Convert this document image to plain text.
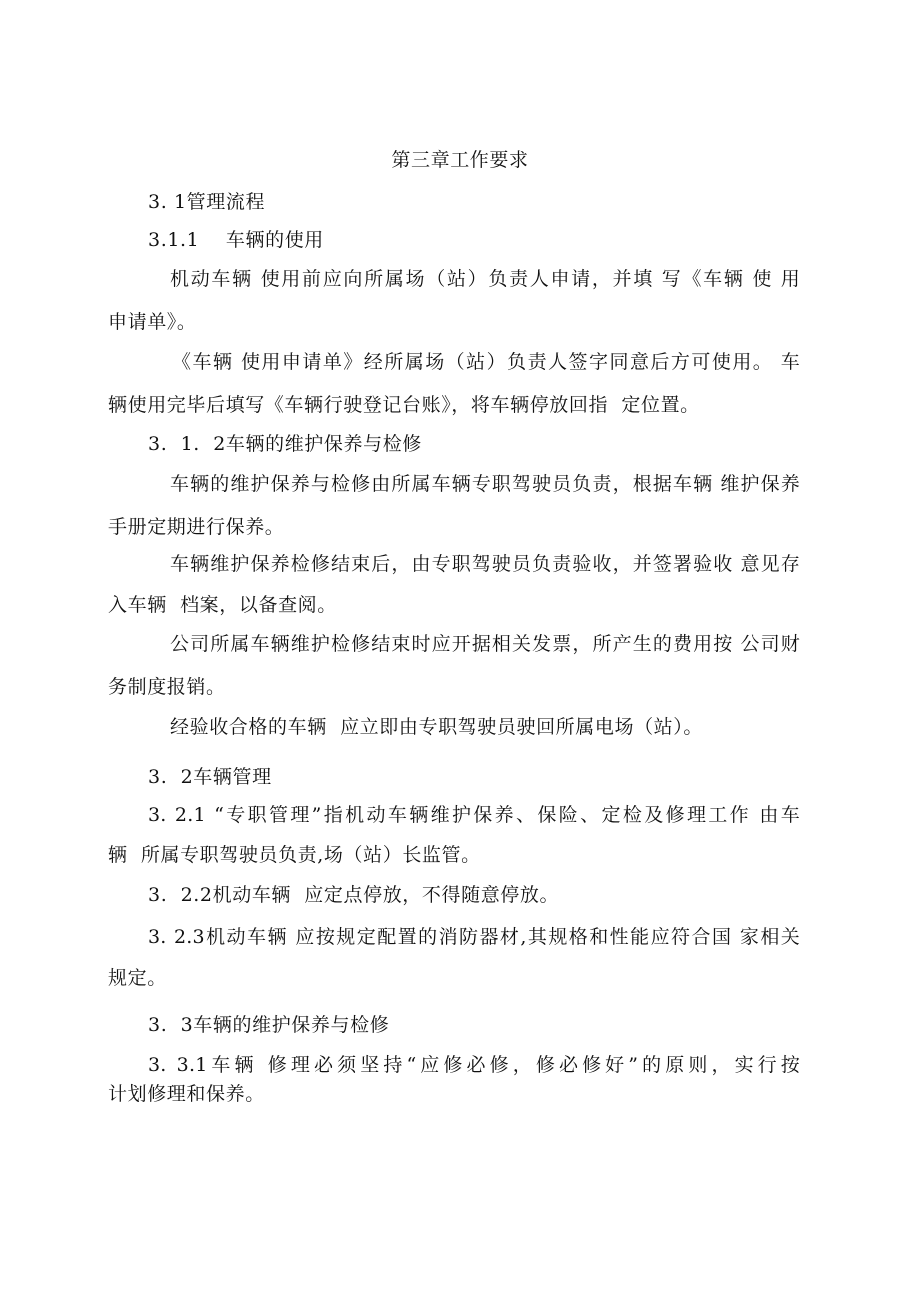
第三章工作要求
3. 1管理流程
3.1.1    车辆的使用
机动车辆 使用前应向所属场（站）负责人申请，并填 写《车辆 使 用
申请单》。
《车辆 使用申请单》经所属场（站）负责人签字同意后方可使用。 车
辆使用完毕后填写《车辆行驶登记台账》，将车辆停放回指  定位置。
3.  1.  2车辆的维护保养与检修
车辆的维护保养与检修由所属车辆专职驾驶员负责，根据车辆 维护保养
手册定期进行保养。
车辆维护保养检修结束后，由专职驾驶员负责验收，并签署验收 意见存
入车辆  档案，以备查阅。
公司所属车辆维护检修结束时应开据相关发票，所产生的费用按 公司财
务制度报销。
经验收合格的车辆  应立即由专职驾驶员驶回所属电场（站）。
3.  2车辆管理
3. 2.1 “专职管理”指机动车辆维护保养、保险、定检及修理工作 由车
辆  所属专职驾驶员负责,场（站）长监管。
3.  2.2机动车辆  应定点停放，不得随意停放。
3. 2.3机动车辆 应按规定配置的消防器材,其规格和性能应符合国 家相关
规定。
3.  3车辆的维护保养与检修
3. 3.1车辆 修理必须坚持“应修必修，修必修好”的原则，实行按
计划修理和保养。
